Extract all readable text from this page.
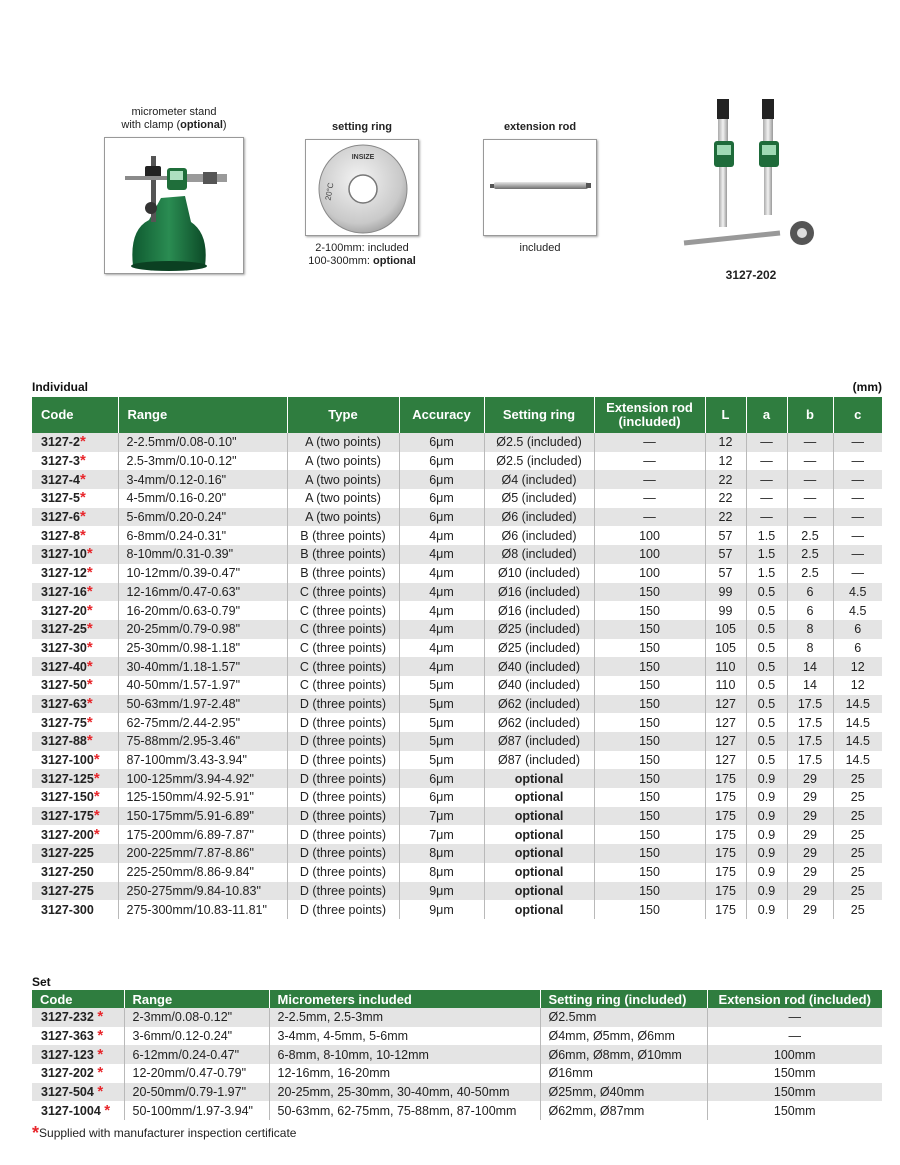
micrometer stand
with clamp (optional)	setting ring
INSIZE
20°C
2-100mm: included
100-300mm: optional
extension rod
included
3127-202
Individual	(mm)
Code	Range	Type	Accuracy	Setting ring	Extension rod (included)	L	a	b	c
3127-2*	2-2.5mm/0.08-0.10"	A (two points)	6μm	Ø2.5 (included)	—	12	—	—	—
3127-3*	2.5-3mm/0.10-0.12"	A (two points)	6μm	Ø2.5 (included)	—	12	—	—	—
3127-4*	3-4mm/0.12-0.16"	A (two points)	6μm	Ø4 (included)	—	22	—	—	—
3127-5*	4-5mm/0.16-0.20"	A (two points)	6μm	Ø5 (included)	—	22	—	—	—
3127-6*	5-6mm/0.20-0.24"	A (two points)	6μm	Ø6 (included)	—	22	—	—	—
3127-8*	6-8mm/0.24-0.31"	B (three points)	4μm	Ø6 (included)	100	57	1.5	2.5	—
3127-10*	8-10mm/0.31-0.39"	B (three points)	4μm	Ø8 (included)	100	57	1.5	2.5	—
3127-12*	10-12mm/0.39-0.47"	B (three points)	4μm	Ø10 (included)	100	57	1.5	2.5	—
3127-16*	12-16mm/0.47-0.63"	C (three points)	4μm	Ø16 (included)	150	99	0.5	6	4.5
3127-20*	16-20mm/0.63-0.79"	C (three points)	4μm	Ø16 (included)	150	99	0.5	6	4.5
3127-25*	20-25mm/0.79-0.98"	C (three points)	4μm	Ø25 (included)	150	105	0.5	8	6
3127-30*	25-30mm/0.98-1.18"	C (three points)	4μm	Ø25 (included)	150	105	0.5	8	6
3127-40*	30-40mm/1.18-1.57"	C (three points)	4μm	Ø40 (included)	150	110	0.5	14	12
3127-50*	40-50mm/1.57-1.97"	C (three points)	5μm	Ø40 (included)	150	110	0.5	14	12
3127-63*	50-63mm/1.97-2.48"	D (three points)	5μm	Ø62 (included)	150	127	0.5	17.5	14.5
3127-75*	62-75mm/2.44-2.95"	D (three points)	5μm	Ø62 (included)	150	127	0.5	17.5	14.5
3127-88*	75-88mm/2.95-3.46"	D (three points)	5μm	Ø87 (included)	150	127	0.5	17.5	14.5
3127-100*	87-100mm/3.43-3.94"	D (three points)	5μm	Ø87 (included)	150	127	0.5	17.5	14.5
3127-125*	100-125mm/3.94-4.92"	D (three points)	6μm	optional	150	175	0.9	29	25
3127-150*	125-150mm/4.92-5.91"	D (three points)	6μm	optional	150	175	0.9	29	25
3127-175*	150-175mm/5.91-6.89"	D (three points)	7μm	optional	150	175	0.9	29	25
3127-200*	175-200mm/6.89-7.87"	D (three points)	7μm	optional	150	175	0.9	29	25
3127-225	200-225mm/7.87-8.86"	D (three points)	8μm	optional	150	175	0.9	29	25
3127-250	225-250mm/8.86-9.84"	D (three points)	8μm	optional	150	175	0.9	29	25
3127-275	250-275mm/9.84-10.83"	D (three points)	9μm	optional	150	175	0.9	29	25
3127-300	275-300mm/10.83-11.81"	D (three points)	9μm	optional	150	175	0.9	29	25
Set
Code	Range	Micrometers included	Setting ring (included)	Extension rod (included)
3127-232 *	2-3mm/0.08-0.12"	2-2.5mm, 2.5-3mm	Ø2.5mm	—
3127-363 *	3-6mm/0.12-0.24"	3-4mm, 4-5mm, 5-6mm	Ø4mm, Ø5mm, Ø6mm	—
3127-123 *	6-12mm/0.24-0.47"	6-8mm, 8-10mm, 10-12mm	Ø6mm, Ø8mm, Ø10mm	100mm
3127-202 *	12-20mm/0.47-0.79"	12-16mm, 16-20mm	Ø16mm	150mm
3127-504 *	20-50mm/0.79-1.97"	20-25mm, 25-30mm, 30-40mm, 40-50mm	Ø25mm, Ø40mm	150mm
3127-1004 *	50-100mm/1.97-3.94"	50-63mm, 62-75mm, 75-88mm, 87-100mm	Ø62mm, Ø87mm	150mm
*Supplied with manufacturer inspection certificate
